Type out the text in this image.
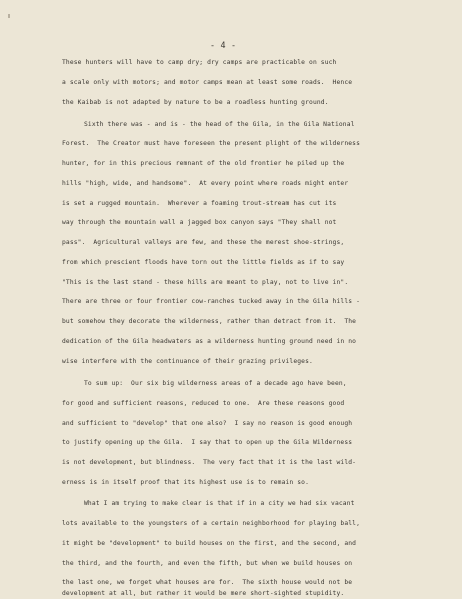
- 4 -
These hunters will have to camp dry; dry camps are practicable on such
a scale only with motors; and motor camps mean at least some roads.  Hence
the Kaibab is not adapted by nature to be a roadless hunting ground.
Sixth there was - and is - the head of the Gila, in the Gila National
Forest.  The Creator must have foreseen the present plight of the wilderness
hunter, for in this precious remnant of the old frontier he piled up the
hills "high, wide, and handsome".  At every point where roads might enter
is set a rugged mountain.  Wherever a foaming trout-stream has cut its
way through the mountain wall a jagged box canyon says "They shall not
pass".  Agricultural valleys are few, and these the merest shoe-strings,
from which prescient floods have torn out the little fields as if to say
"This is the last stand - these hills are meant to play, not to live in".
There are three or four frontier cow-ranches tucked away in the Gila hills -
but somehow they decorate the wilderness, rather than detract from it.  The
dedication of the Gila headwaters as a wilderness hunting ground need in no
wise interfere with the continuance of their grazing privileges.
To sum up:  Our six big wilderness areas of a decade ago have been,
for good and sufficient reasons, reduced to one.  Are these reasons good
and sufficient to "develop" that one also?  I say no reason is good enough
to justify opening up the Gila.  I say that to open up the Gila Wilderness
is not development, but blindness.  The very fact that it is the last wild-
erness is in itself proof that its highest use is to remain so.
What I am trying to make clear is that if in a city we had six vacant
lots available to the youngsters of a certain neighborhood for playing ball,
it might be "development" to build houses on the first, and the second, and
the third, and the fourth, and even the fifth, but when we build houses on
the last one, we forget what houses are for.  The sixth house would not be
development at all, but rather it would be mere short-sighted stupidity.
